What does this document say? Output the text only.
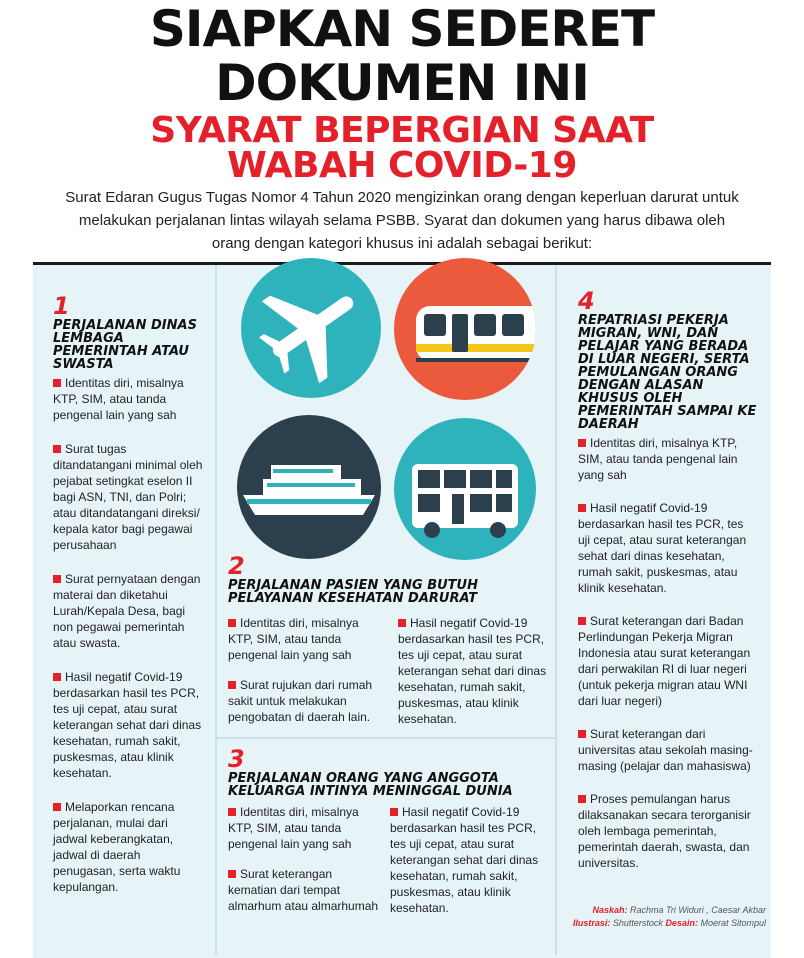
SIAPKAN SEDERET
DOKUMEN INI
SYARAT BEPERGIAN SAAT
WABAH COVID-19
Surat Edaran Gugus Tugas Nomor 4 Tahun 2020 mengizinkan orang dengan keperluan darurat untuk melakukan perjalanan lintas wilayah selama PSBB. Syarat dan dokumen yang harus dibawa oleh orang dengan kategori khusus ini adalah sebagai berikut:
1
PERJALANAN DINAS LEMBAGA PEMERINTAH ATAU SWASTA
Identitas diri, misalnya KTP, SIM, atau tanda pengenal lain yang sah
Surat tugas ditandatangani minimal oleh pejabat setingkat eselon II bagi ASN, TNI, dan Polri; atau ditandatangani direksi/ kepala kator bagi pegawai perusahaan
Surat pernyataan dengan materai dan diketahui Lurah/Kepala Desa, bagi non pegawai pemerintah atau swasta.
Hasil negatif Covid-19 berdasarkan hasil tes PCR, tes uji cepat, atau surat keterangan sehat dari dinas kesehatan, rumah sakit, puskesmas, atau klinik kesehatan.
Melaporkan rencana perjalanan, mulai dari jadwal keberangkatan, jadwal di daerah penugasan, serta waktu kepulangan.
2
PERJALANAN PASIEN YANG BUTUH PELAYANAN KESEHATAN DARURAT
Identitas diri, misalnya KTP, SIM, atau tanda pengenal lain yang sah
Surat rujukan dari rumah sakit untuk melakukan pengobatan di daerah lain.
Hasil negatif Covid-19 berdasarkan hasil tes PCR, tes uji cepat, atau surat keterangan sehat dari dinas kesehatan, rumah sakit, puskesmas, atau klinik kesehatan.
3
PERJALANAN ORANG YANG ANGGOTA KELUARGA INTINYA MENINGGAL DUNIA
Identitas diri, misalnya KTP, SIM, atau tanda pengenal lain yang sah
Surat keterangan kematian dari tempat almarhum atau almarhumah
Hasil negatif Covid-19 berdasarkan hasil tes PCR, tes uji cepat, atau surat keterangan sehat dari dinas kesehatan, rumah sakit, puskesmas, atau klinik kesehatan.
4
REPATRIASI PEKERJA MIGRAN, WNI, DAN PELAJAR YANG BERADA DI LUAR NEGERI, SERTA PEMULANGAN ORANG DENGAN ALASAN KHUSUS OLEH PEMERINTAH SAMPAI KE DAERAH
Identitas diri, misalnya KTP, SIM, atau tanda pengenal lain yang sah
Hasil negatif Covid-19 berdasarkan hasil tes PCR, tes uji cepat, atau surat keterangan sehat dari dinas kesehatan, rumah sakit, puskesmas, atau klinik kesehatan.
Surat keterangan dari Badan Perlindungan Pekerja Migran Indonesia atau surat keterangan dari perwakilan RI di luar negeri (untuk pekerja migran atau WNI dari luar negeri)
Surat keterangan dari universitas atau sekolah masing-masing (pelajar dan mahasiswa)
Proses pemulangan harus dilaksanakan secara terorganisir oleh lembaga pemerintah, pemerintah daerah, swasta, dan universitas.
Naskah: Rachma Tri Widuri , Caesar Akbar
Ilustrasi: Shutterstock Desain: Moerat Sitompul
